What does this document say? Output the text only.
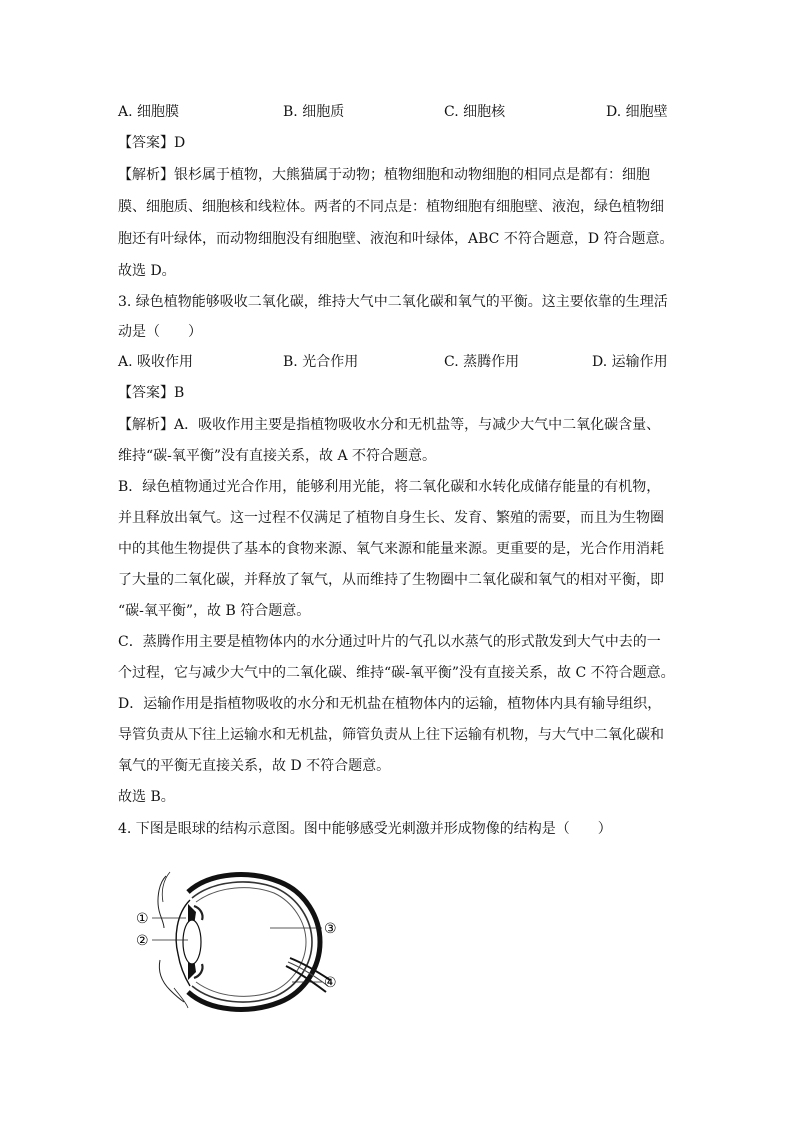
A. 细胞膜	B. 细胞质	C. 细胞核	D. 细胞壁
【答案】D
【解析】银杉属于植物，大熊猫属于动物；植物细胞和动物细胞的相同点是都有：细胞
膜、细胞质、细胞核和线粒体。两者的不同点是：植物细胞有细胞壁、液泡，绿色植物细
胞还有叶绿体，而动物细胞没有细胞壁、液泡和叶绿体，ABC 不符合题意，D 符合题意。
故选 D。
3. 绿色植物能够吸收二氧化碳，维持大气中二氧化碳和氧气的平衡。这主要依靠的生理活
动是（　　）
A. 吸收作用	B. 光合作用	C. 蒸腾作用	D. 运输作用
【答案】B
【解析】A．吸收作用主要是指植物吸收水分和无机盐等，与减少大气中二氧化碳含量、
维持“碳-氧平衡”没有直接关系，故 A 不符合题意。
B．绿色植物通过光合作用，能够利用光能，将二氧化碳和水转化成储存能量的有机物，
并且释放出氧气。这一过程不仅满足了植物自身生长、发育、繁殖的需要，而且为生物圈
中的其他生物提供了基本的食物来源、氧气来源和能量来源。更重要的是，光合作用消耗
了大量的二氧化碳，并释放了氧气，从而维持了生物圈中二氧化碳和氧气的相对平衡，即
“碳-氧平衡”，故 B 符合题意。
C．蒸腾作用主要是植物体内的水分通过叶片的气孔以水蒸气的形式散发到大气中去的一
个过程，它与减少大气中的二氧化碳、维持“碳-氧平衡”没有直接关系，故 C 不符合题意。
D．运输作用是指植物吸收的水分和无机盐在植物体内的运输，植物体内具有输导组织，
导管负责从下往上运输水和无机盐，筛管负责从上往下运输有机物，与大气中二氧化碳和
氧气的平衡无直接关系，故 D 不符合题意。
故选 B。
4. 下图是眼球的结构示意图。图中能够感受光刺激并形成物像的结构是（　　）
①
②
③
④
